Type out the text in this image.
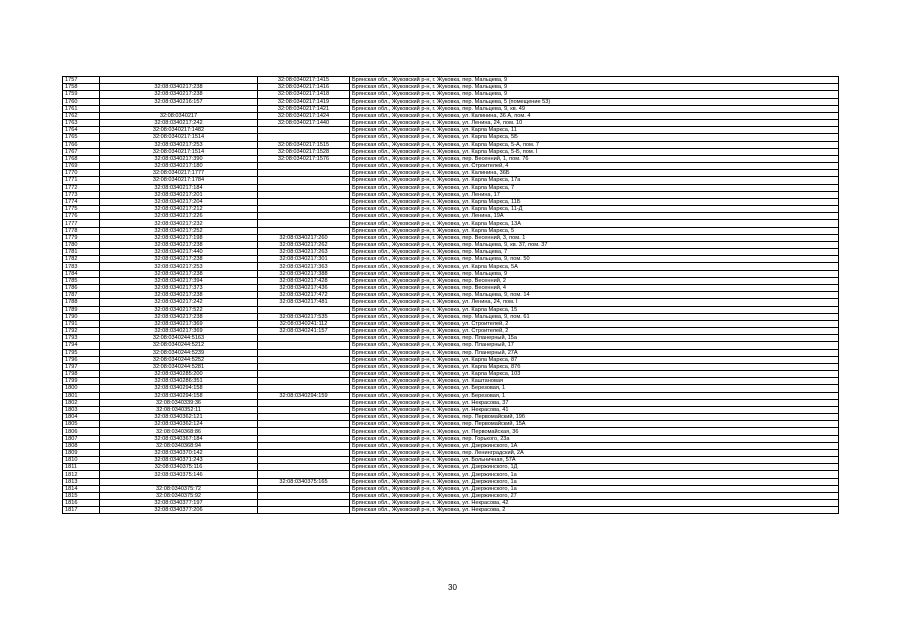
1757		32:08:0340217:1415	Брянская обл., Жуковский р-н, г. Жуковка, пер. Мальцева, 9
1758	32:08:0340217:238	32:08:0340217:1416	Брянская обл., Жуковский р-н, г. Жуковка, пер. Мальцева, 9
1759	32:08:0340217:238	32:08:0340217:1418	Брянская обл., Жуковский р-н, г. Жуковка, пер. Мальцева, 9
1760	32:08:0340216:157	32:08:0340217:1419	Брянская обл., Жуковский р-н, г. Жуковка, пер. Мальцева, 5 (помещение 53)
1761		32:08:0340217:1421	Брянская обл., Жуковский р-н, г. Жуковка, пер. Мальцева, 9, кв. 49
1762	32:08:0340217	32:08:0340217:1424	Брянская обл., Жуковский р-н, г. Жуковка, ул. Калинина, 36 А, пом. 4
1763	32:08:0340217:242	32:08:0340217:1440	Брянская обл., Жуковский р-н, г. Жуковка, ул. Ленина, 24, пом. 10
1764	32:08:0340217:1482		Брянская обл., Жуковский р-н, г. Жуковка, ул. Карла Маркса, 11
1765	32:08:0340217:1514		Брянская обл., Жуковский р-н, г. Жуковка, ул. Карла Маркса, 5Б
1766	32:08:0340217:253	32:08:0340217:1515	Брянская обл., Жуковский р-н, г. Жуковка, ул. Карла Маркса, 5-А, пом. 7
1767	32:08:0340217:1514	32:08:0340217:1528	Брянская обл., Жуковский р-н, г. Жуковка, ул. Карла Маркса, 5-Б, пом. I
1768	32:08:0340217:390	32:08:0340217:1576	Брянская обл., Жуковский р-н, г. Жуковка, пер. Весенний, 1, пом. 76
1769	32:08:0340217:180		Брянская обл., Жуковский р-н, г. Жуковка, ул. Строителей, 4
1770	32:08:0340217:1777		Брянская обл., Жуковский р-н, г. Жуковка, ул. Калинина, 36Б
1771	32:08:0340217:1784		Брянская обл., Жуковский р-н, г. Жуковка, ул. Карла Маркса, 17а
1772	32:08:0340217:184		Брянская обл., Жуковский р-н, г. Жуковка, ул. Карла Маркса, 7
1773	32:08:0340217:201		Брянская обл., Жуковский р-н, г. Жуковка, ул. Ленина, 17
1774	32:08:0340217:204		Брянская обл., Жуковский р-н, г. Жуковка, ул. Карла Маркса, 11Б
1775	32:08:0340217:212		Брянская обл., Жуковский р-н, г. Жуковка, ул. Карла Маркса, 11-Д
1776	32:08:0340217:226		Брянская обл., Жуковский р-н, г. Жуковка, ул. Ленина, 19А
1777	32:08:0340217:232		Брянская обл., Жуковский р-н, г. Жуковка, ул. Карла Маркса, 13А
1778	32:08:0340217:252		Брянская обл., Жуковский р-н, г. Жуковка, ул. Карла Маркса, 5
1779	32:08:0340217:198	32:08:0340217:260	Брянская обл., Жуковский р-н, г. Жуковка, пер. Весенний, 3, пом. 1
1780	32:08:0340217:238	32:08:0340217:262	Брянская обл., Жуковский р-н, г. Жуковка, пер. Мальцева, 9, кв. 37, пом. 37
1781	32:08:0340217:440	32:08:0340217:263	Брянская обл., Жуковский р-н, г. Жуковка, пер. Мальцева, 7
1782	32:08:0340217:238	32:08:0340217:301	Брянская обл., Жуковский р-н, г. Жуковка, пер. Мальцева, 9, пом. 50
1783	32:08:0340217:253	32:08:0340217:363	Брянская обл., Жуковский р-н, г. Жуковка, ул. Карла Маркса, 5А
1784	32:08:0340217:238	32:08:0340217:388	Брянская обл., Жуковский р-н, г. Жуковка, пер. Мальцева, 9
1785	32:08:0340217:394	32:08:0340217:428	Брянская обл., Жуковский р-н, г. Жуковка, пер. Весенний, 2
1786	32:08:0340217:373	32:08:0340217:436	Брянская обл., Жуковский р-н, г. Жуковка, пер. Весенний, 4
1787	32:08:0340217:238	32:08:0340217:472	Брянская обл., Жуковский р-н, г. Жуковка, пер. Мальцева, 9, пом. 14
1788	32:08:0340217:242	32:08:0340217:481	Брянская обл., Жуковский р-н, г. Жуковка, ул. Ленина, 24, пом. I
1789	32:08:0340217:522		Брянская обл., Жуковский р-н, г. Жуковка, ул. Карла Маркса, 15
1790	32:08:0340217:238	32:08:0340217:535	Брянская обл., Жуковский р-н, г. Жуковка, пер. Мальцева, 9, пом. 61
1791	32:08:0340217:369	32:08:0340241:112	Брянская обл., Жуковский р-н, г. Жуковка, ул. Строителей, 2
1792	32:08:0340217:369	32:08:0340241:157	Брянская обл., Жуковский р-н, г. Жуковка, ул. Строителей, 2
1793	32:08:0340244:5163		Брянская обл., Жуковский р-н, г. Жуковка, пер. Планерный, 15а
1794	32:08:0340244:5212		Брянская обл., Жуковский р-н, г. Жуковка, пер. Планерный, 17
1795	32:08:0340244:5239		Брянская обл., Жуковский р-н, г. Жуковка, пер. Планерный, 27А
1796	32:08:0340244:5252		Брянская обл., Жуковский р-н, г. Жуковка, ул. Карла Маркса, 87
1797	32:08:0340244:5281		Брянская обл., Жуковский р-н, г. Жуковка, ул. Карла Маркса, 87б
1798	32:08:0340285:200		Брянская обл., Жуковский р-н, г. Жуковка, ул. Карла Маркса, 103
1799	32:08:0340286:351		Брянская обл., Жуковский р-н, г. Жуковка, ул. Каштановая
1800	32:08:0340294:158		Брянская обл., Жуковский р-н, г. Жуковка, ул. Березовая, 1
1801	32:08:0340294:158	32:08:0340294:159	Брянская обл., Жуковский р-н, г. Жуковка, ул. Березовая, 1
1802	32:08:0340339:36		Брянская обл., Жуковский р-н, г. Жуковка, ул. Некрасова, 37
1803	32:08:0340352:11		Брянская обл., Жуковский р-н, г. Жуковка, ул. Некрасова, 41
1804	32:08:0340362:121		Брянская обл., Жуковский р-н, г. Жуковка, пер. Первомайский, 19б
1805	32:08:0340362:124		Брянская обл., Жуковский р-н, г. Жуковка, пер. Первомайский, 15А
1806	32:08:0340368:86		Брянская обл., Жуковский р-н, г. Жуковка, ул. Первомайская, 36
1807	32:08:0340367:184		Брянская обл., Жуковский р-н, г. Жуковка, пер. Горького, 23а
1808	32:08:0340368:94		Брянская обл., Жуковский р-н, г. Жуковка, ул. Дзержинского, 1А
1809	32:08:0340370:142		Брянская обл., Жуковский р-н, г. Жуковка, пер. Ленинградский, 2А
1810	32:08:0340371:243		Брянская обл., Жуковский р-н, г. Жуковка, ул. Больничная, 57А
1811	32:08:0340375:116		Брянская обл., Жуковский р-н, г. Жуковка, ул. Дзержинского, 1Д
1812	32:08:0340375:146		Брянская обл., Жуковский р-н, г. Жуковка, ул. Дзержинского, 1а
1813		32:08:0340375:165	Брянская обл., Жуковский р-н, г. Жуковка, ул. Дзержинского, 1а
1814	32:08:0340375:72		Брянская обл., Жуковский р-н, г. Жуковка, ул. Дзержинского, 1а
1815	32:08:0340375:92		Брянская обл., Жуковский р-н, г. Жуковка, ул. Дзержинского, 27
1816	32:08:0340377:197		Брянская обл., Жуковский р-н, г. Жуковка, ул. Некрасова, 42
1817	32:08:0340377:206		Брянская обл., Жуковский р-н, г. Жуковка, ул. Некрасова, 2
30
